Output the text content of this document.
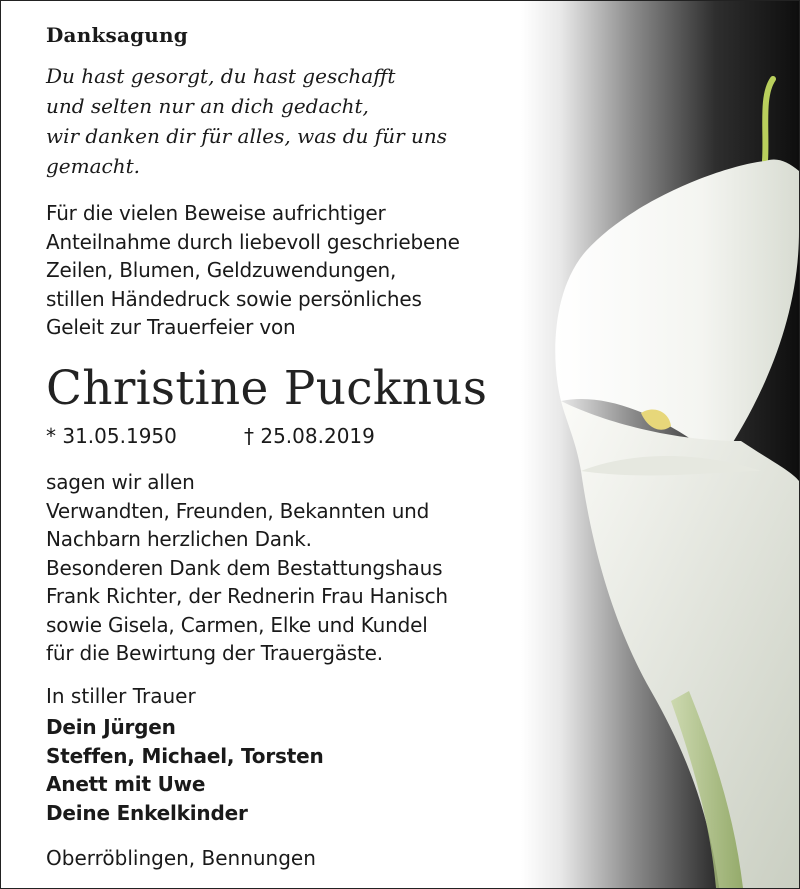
Danksagung
Du hast gesorgt, du hast geschafft
und selten nur an dich gedacht,
wir danken dir für alles, was du für uns
gemacht.
Für die vielen Beweise aufrichtiger
Anteilnahme durch liebevoll geschriebene
Zeilen, Blumen, Geldzuwendungen,
stillen Händedruck sowie persönliches
Geleit zur Trauerfeier von
Christine Pucknus
* 31.05.1950	† 25.08.2019
sagen wir allen
Verwandten, Freunden, Bekannten und
Nachbarn herzlichen Dank.
Besonderen Dank dem Bestattungshaus
Frank Richter, der Rednerin Frau Hanisch
sowie Gisela, Carmen, Elke und Kundel
für die Bewirtung der Trauergäste.
In stiller Trauer
Dein Jürgen
Steffen, Michael, Torsten
Anett mit Uwe
Deine Enkelkinder
Oberröblingen, Bennungen
